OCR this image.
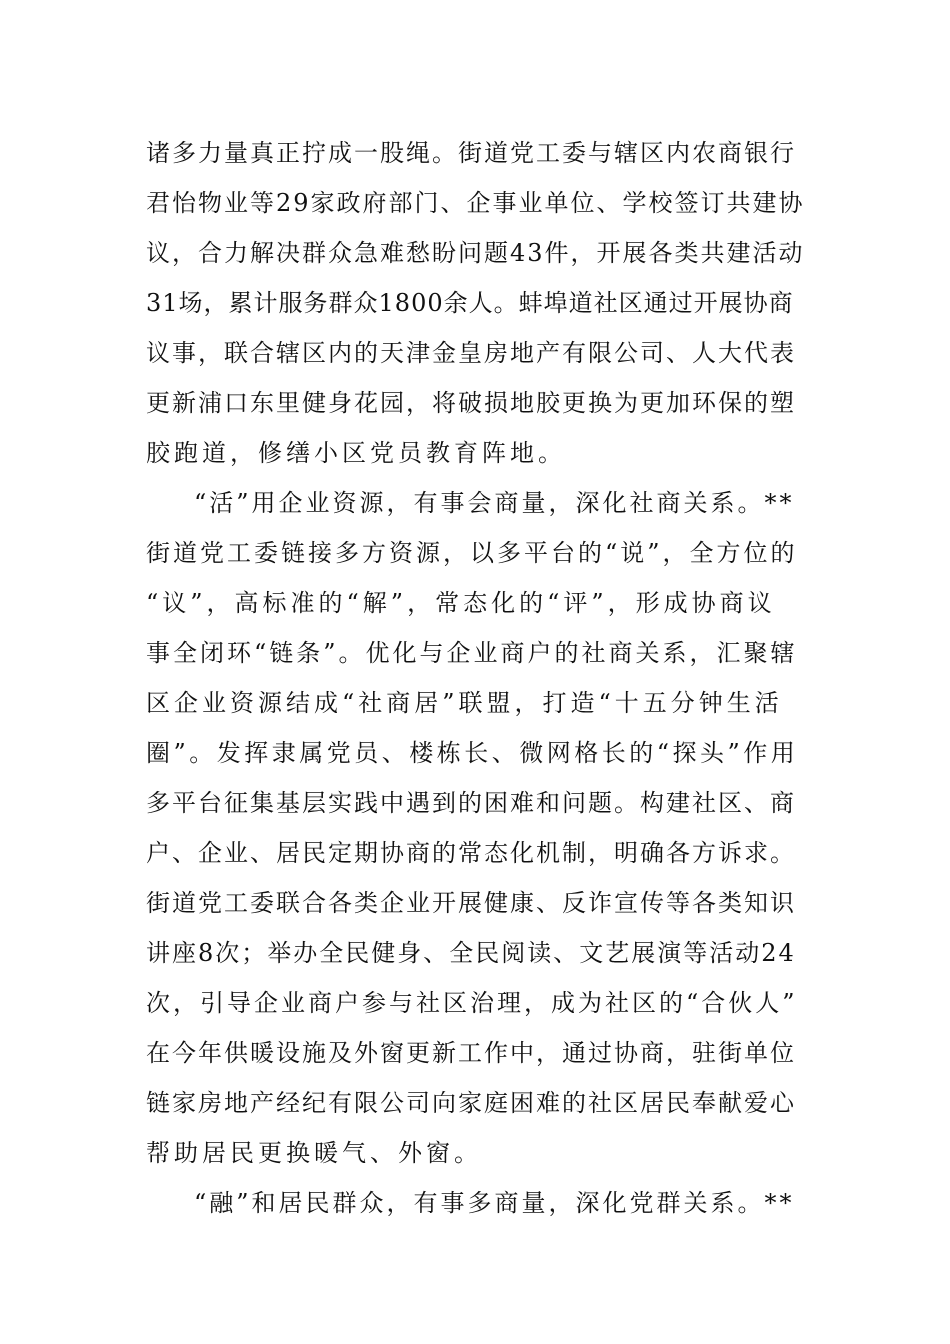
诸多力量真正拧成一股绳。街道党工委与辖区内农商银行
君怡物业等29家政府部门、企事业单位、学校签订共建协
议，合力解决群众急难愁盼问题43件，开展各类共建活动
31场，累计服务群众1800余人。蚌埠道社区通过开展协商
议事，联合辖区内的天津金皇房地产有限公司、人大代表
更新浦口东里健身花园，将破损地胶更换为更加环保的塑
胶跑道，修缮小区党员教育阵地。
“活”用企业资源，有事会商量，深化社商关系。**
街道党工委链接多方资源，以多平台的“说”，全方位的
“议”，高标准的“解”，常态化的“评”，形成协商议
事全闭环“链条”。优化与企业商户的社商关系，汇聚辖
区企业资源结成“社商居”联盟，打造“十五分钟生活
圈”。发挥隶属党员、楼栋长、微网格长的“探头”作用
多平台征集基层实践中遇到的困难和问题。构建社区、商
户、企业、居民定期协商的常态化机制，明确各方诉求。
街道党工委联合各类企业开展健康、反诈宣传等各类知识
讲座8次；举办全民健身、全民阅读、文艺展演等活动24
次，引导企业商户参与社区治理，成为社区的“合伙人”
在今年供暖设施及外窗更新工作中，通过协商，驻街单位
链家房地产经纪有限公司向家庭困难的社区居民奉献爱心
帮助居民更换暖气、外窗。
“融”和居民群众，有事多商量，深化党群关系。**
